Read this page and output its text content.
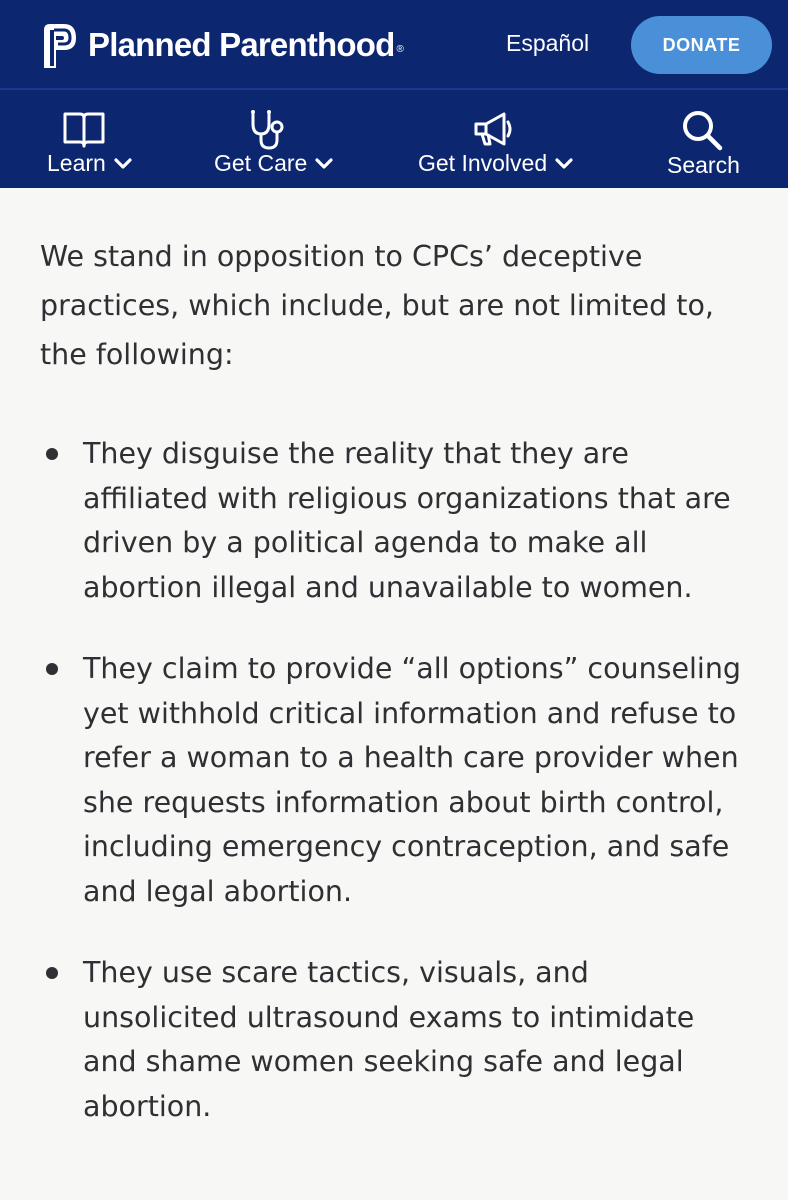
Planned Parenthood ®	Español	DONATE
Learn	Get Care	Get Involved	Search

We stand in opposition to CPCs’ deceptive practices, which include, but are not limited to, the following:

They disguise the reality that they are affiliated with religious organizations that are driven by a political agenda to make all abortion illegal and unavailable to women.
They claim to provide “all options” counseling yet withhold critical information and refuse to refer a woman to a health care provider when she requests information about birth control, including emergency contraception, and safe and legal abortion.
They use scare tactics, visuals, and unsolicited ultrasound exams to intimidate and shame women seeking safe and legal abortion.
